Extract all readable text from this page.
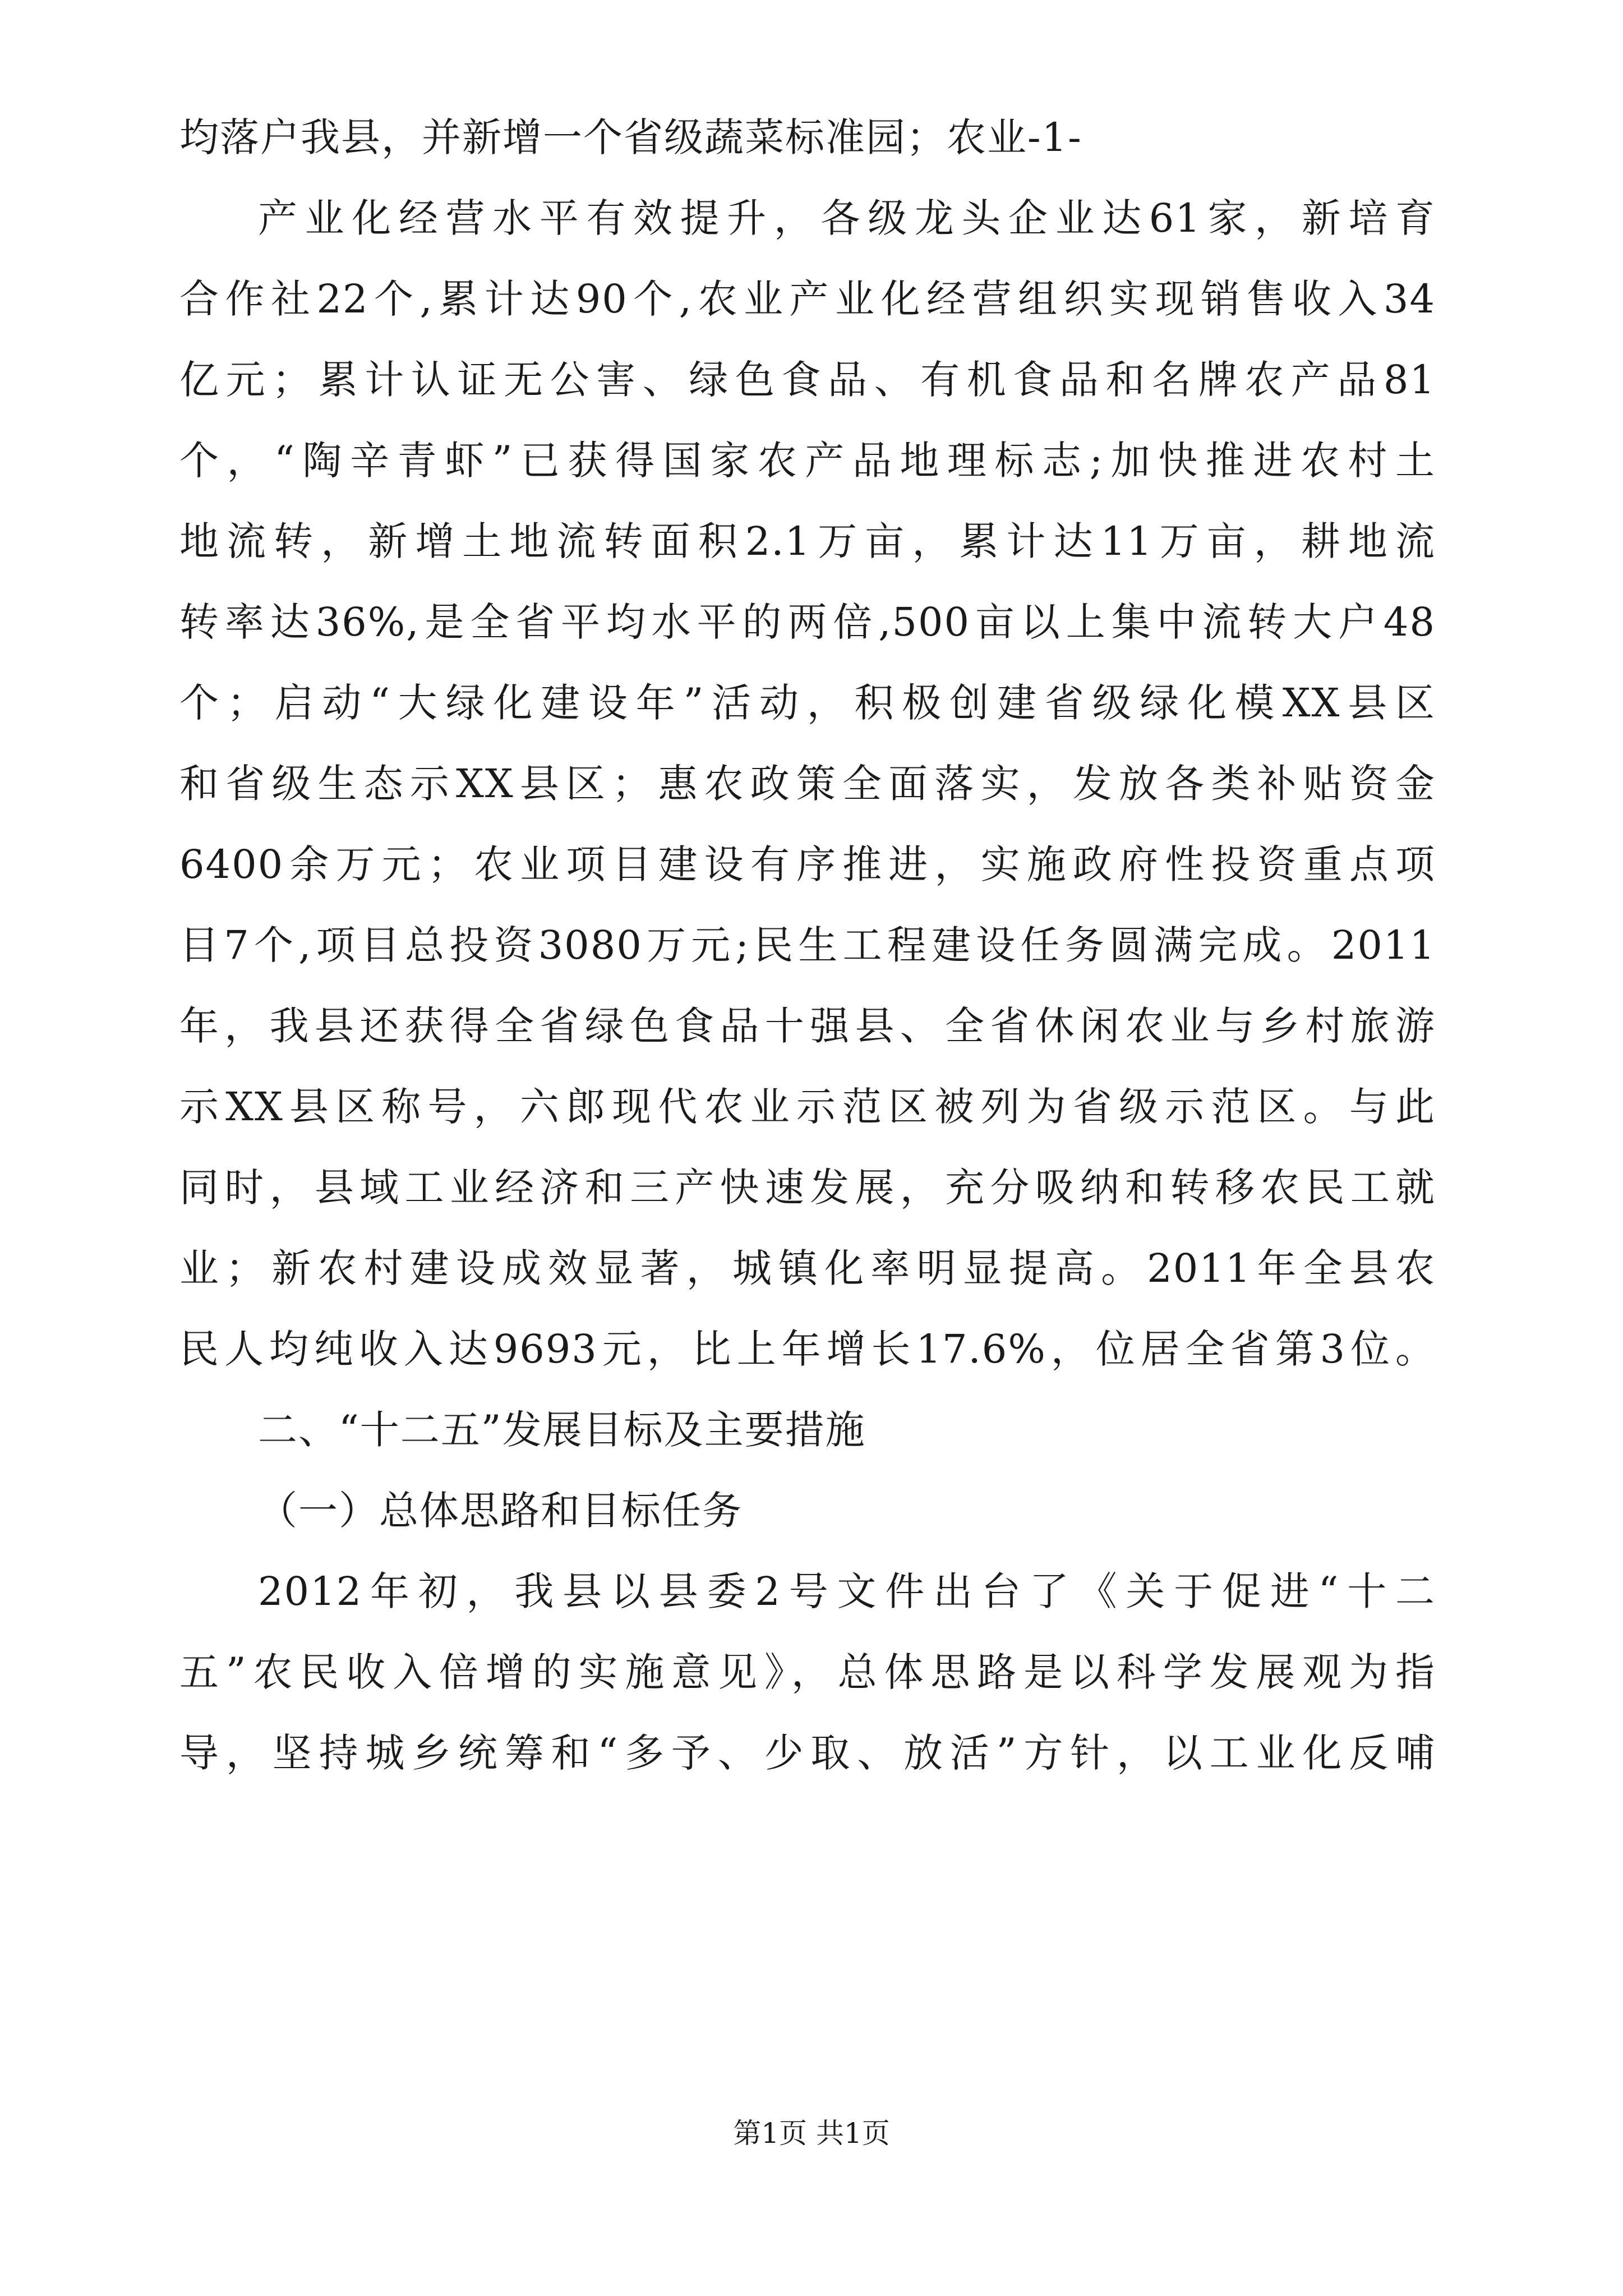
均落户我县，并新增一个省级蔬菜标准园；农业-1-
产业化经营水平有效提升，各级龙头企业达61家，新培育
合作社22个,累计达90个,农业产业化经营组织实现销售收入34
亿元；累计认证无公害、绿色食品、有机食品和名牌农产品81
个，“陶辛青虾”已获得国家农产品地理标志;加快推进农村土
地流转，新增土地流转面积2.1万亩，累计达11万亩，耕地流
转率达36%,是全省平均水平的两倍,500亩以上集中流转大户48
个；启动“大绿化建设年”活动，积极创建省级绿化模XX县区
和省级生态示XX县区；惠农政策全面落实，发放各类补贴资金
6400余万元；农业项目建设有序推进，实施政府性投资重点项
目7个,项目总投资3080万元;民生工程建设任务圆满完成。2011
年，我县还获得全省绿色食品十强县、全省休闲农业与乡村旅游
示XX县区称号，六郎现代农业示范区被列为省级示范区。与此
同时，县域工业经济和三产快速发展，充分吸纳和转移农民工就
业；新农村建设成效显著，城镇化率明显提高。2011年全县农
民人均纯收入达9693元，比上年增长17.6%，位居全省第3位。
二、“十二五”发展目标及主要措施
（一）总体思路和目标任务
2012年初，我县以县委2号文件出台了《关于促进“十二
五”农民收入倍增的实施意见》，总体思路是以科学发展观为指
导，坚持城乡统筹和“多予、少取、放活”方针，以工业化反哺
第1页 共1页
